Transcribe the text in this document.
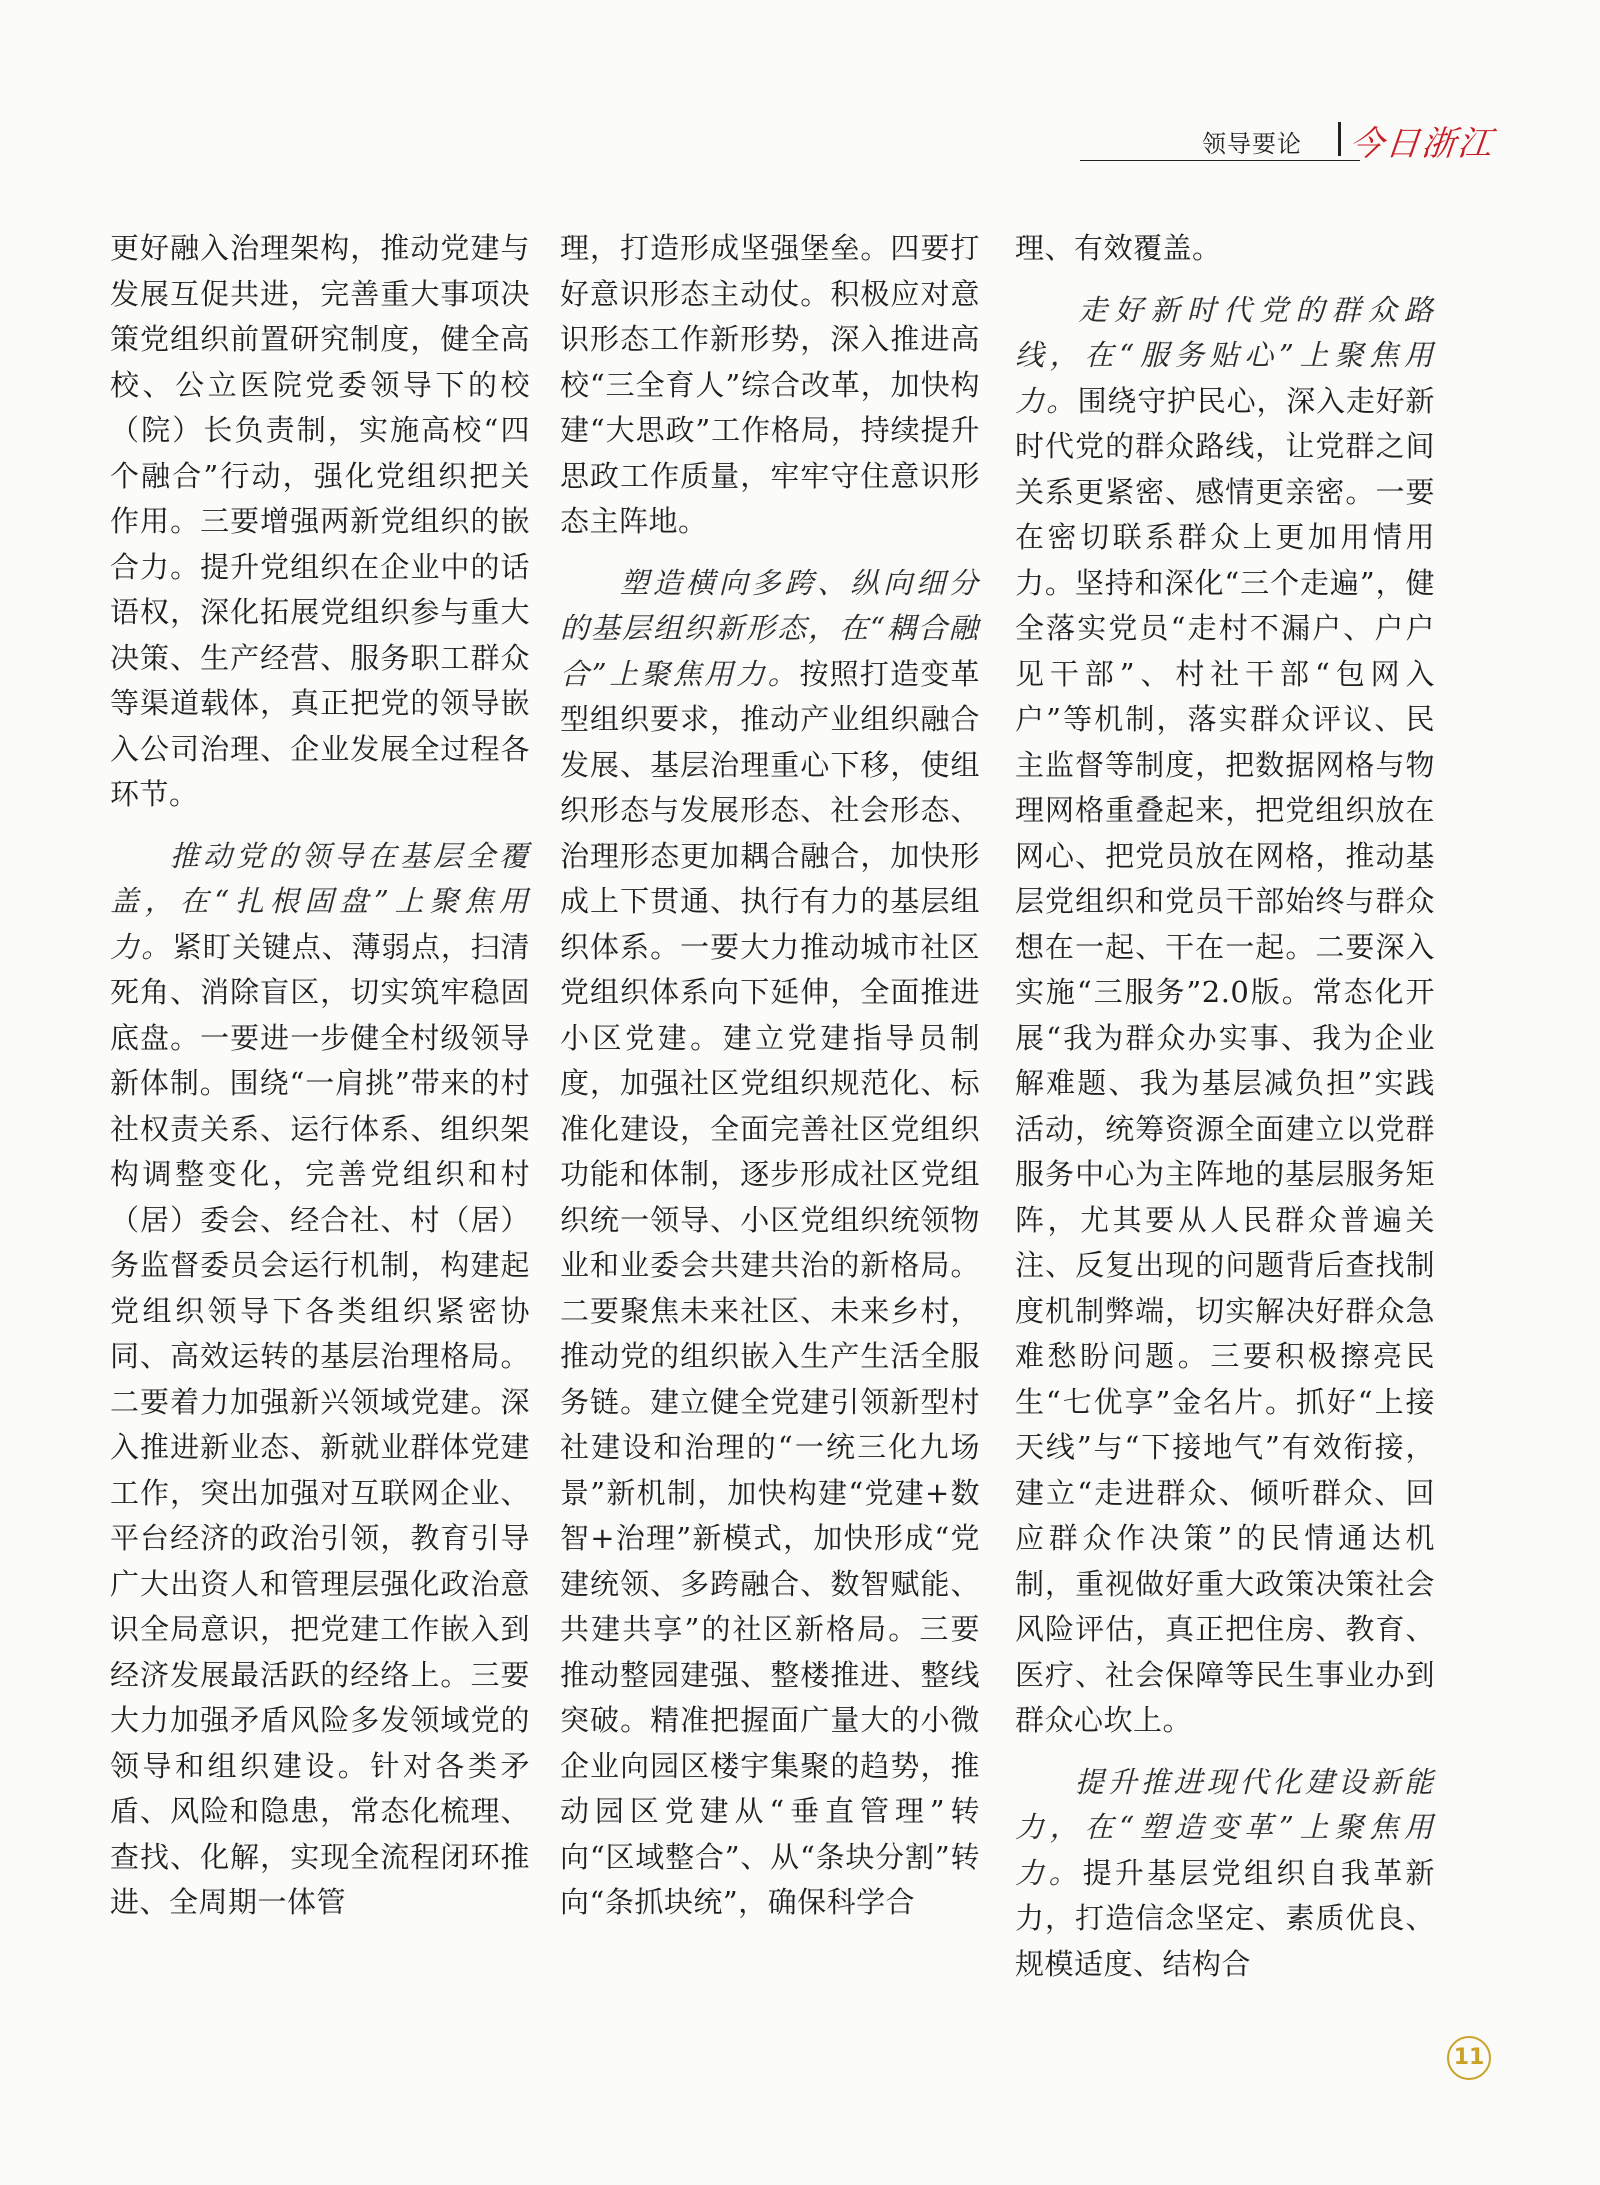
领导要论 今日浙江

更好融入治理架构，推动党建与发展互促共进，完善重大事项决策党组织前置研究制度，健全高校、公立医院党委领导下的校（院）长负责制，实施高校“四个融合”行动，强化党组织把关作用。三要增强两新党组织的嵌合力。提升党组织在企业中的话语权，深化拓展党组织参与重大决策、生产经营、服务职工群众等渠道载体，真正把党的领导嵌入公司治理、企业发展全过程各环节。

推动党的领导在基层全覆盖，在“扎根固盘”上聚焦用力。紧盯关键点、薄弱点，扫清死角、消除盲区，切实筑牢稳固底盘。一要进一步健全村级领导新体制。围绕“一肩挑”带来的村社权责关系、运行体系、组织架构调整变化，完善党组织和村（居）委会、经合社、村（居）务监督委员会运行机制，构建起党组织领导下各类组织紧密协同、高效运转的基层治理格局。二要着力加强新兴领域党建。深入推进新业态、新就业群体党建工作，突出加强对互联网企业、平台经济的政治引领，教育引导广大出资人和管理层强化政治意识全局意识，把党建工作嵌入到经济发展最活跃的经络上。三要大力加强矛盾风险多发领域党的领导和组织建设。针对各类矛盾、风险和隐患，常态化梳理、查找、化解，实现全流程闭环推进、全周期一体管

理，打造形成坚强堡垒。四要打好意识形态主动仗。积极应对意识形态工作新形势，深入推进高校“三全育人”综合改革，加快构建“大思政”工作格局，持续提升思政工作质量，牢牢守住意识形态主阵地。

塑造横向多跨、纵向细分的基层组织新形态，在“耦合融合”上聚焦用力。按照打造变革型组织要求，推动产业组织融合发展、基层治理重心下移，使组织形态与发展形态、社会形态、治理形态更加耦合融合，加快形成上下贯通、执行有力的基层组织体系。一要大力推动城市社区党组织体系向下延伸，全面推进小区党建。建立党建指导员制度，加强社区党组织规范化、标准化建设，全面完善社区党组织功能和体制，逐步形成社区党组织统一领导、小区党组织统领物业和业委会共建共治的新格局。二要聚焦未来社区、未来乡村，推动党的组织嵌入生产生活全服务链。建立健全党建引领新型村社建设和治理的“一统三化九场景”新机制，加快构建“党建+数智+治理”新模式，加快形成“党建统领、多跨融合、数智赋能、共建共享”的社区新格局。三要推动整园建强、整楼推进、整线突破。精准把握面广量大的小微企业向园区楼宇集聚的趋势，推动园区党建从“垂直管理”转向“区域整合”、从“条块分割”转向“条抓块统”，确保科学合

理、有效覆盖。

走好新时代党的群众路线，在“服务贴心”上聚焦用力。围绕守护民心，深入走好新时代党的群众路线，让党群之间关系更紧密、感情更亲密。一要在密切联系群众上更加用情用力。坚持和深化“三个走遍”，健全落实党员“走村不漏户、户户见干部”、村社干部“包网入户”等机制，落实群众评议、民主监督等制度，把数据网格与物理网格重叠起来，把党组织放在网心、把党员放在网格，推动基层党组织和党员干部始终与群众想在一起、干在一起。二要深入实施“三服务”2.0版。常态化开展“我为群众办实事、我为企业解难题、我为基层减负担”实践活动，统筹资源全面建立以党群服务中心为主阵地的基层服务矩阵，尤其要从人民群众普遍关注、反复出现的问题背后查找制度机制弊端，切实解决好群众急难愁盼问题。三要积极擦亮民生“七优享”金名片。抓好“上接天线”与“下接地气”有效衔接，建立“走进群众、倾听群众、回应群众作决策”的民情通达机制，重视做好重大政策决策社会风险评估，真正把住房、教育、医疗、社会保障等民生事业办到群众心坎上。

提升推进现代化建设新能力，在“塑造变革”上聚焦用力。提升基层党组织自我革新力，打造信念坚定、素质优良、规模适度、结构合

11
